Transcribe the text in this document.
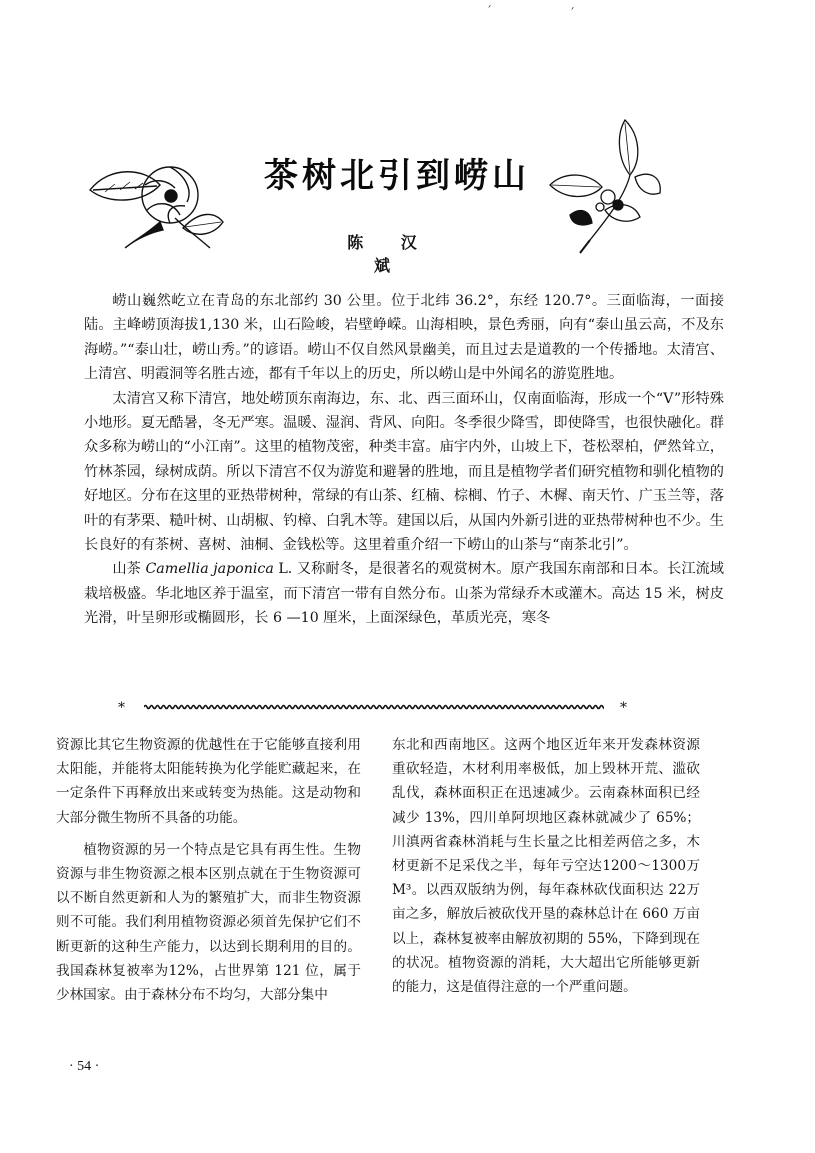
ˊ	ˊ
茶树北引到崂山
陈 汉 斌

崂山巍然屹立在青岛的东北部约 30 公里。位于北纬 36.2°，东经 120.7°。三面临海，一面接陆。主峰崂顶海拔1,130 米，山石险峻，岩壁峥嵘。山海相映，景色秀丽，向有“泰山虽云高，不及东海崂。”“泰山壮，崂山秀。”的谚语。崂山不仅自然风景幽美，而且过去是道教的一个传播地。太清宫、上清宫、明霞洞等名胜古迹，都有千年以上的历史，所以崂山是中外闻名的游览胜地。

太清宫又称下清宫，地处崂顶东南海边，东、北、西三面环山，仅南面临海，形成一个“V”形特殊小地形。夏无酷暑，冬无严寒。温暖、湿润、背风、向阳。冬季很少降雪，即使降雪，也很快融化。群众多称为崂山的“小江南”。这里的植物茂密，种类丰富。庙宇内外，山坡上下，苍松翠柏，俨然耸立，竹林茶园，绿树成荫。所以下清宫不仅为游览和避暑的胜地，而且是植物学者们研究植物和驯化植物的好地区。分布在这里的亚热带树种，常绿的有山茶、红楠、棕榈、竹子、木樨、南天竹、广玉兰等，落叶的有茅栗、糙叶树、山胡椒、钓樟、白乳木等。建国以后，从国内外新引进的亚热带树种也不少。生长良好的有茶树、喜树、油桐、金钱松等。这里着重介绍一下崂山的山茶与“南茶北引”。

山茶 Camellia japonica L. 又称耐冬，是很著名的观赏树木。原产我国东南部和日本。长江流域栽培极盛。华北地区养于温室，而下清宫一带有自然分布。山茶为常绿乔木或灌木。高达 15 米，树皮光滑，叶呈卵形或椭圆形，长 6 —10 厘米，上面深绿色，革质光亮，寒冬

*	*

资源比其它生物资源的优越性在于它能够直接利用太阳能，并能将太阳能转换为化学能贮藏起来，在一定条件下再释放出来或转变为热能。这是动物和大部分微生物所不具备的功能。

植物资源的另一个特点是它具有再生性。生物资源与非生物资源之根本区别点就在于生物资源可以不断自然更新和人为的繁殖扩大，而非生物资源则不可能。我们利用植物资源必须首先保护它们不断更新的这种生产能力，以达到长期利用的目的。我国森林复被率为12%，占世界第 121 位，属于少林国家。由于森林分布不均匀，大部分集中

东北和西南地区。这两个地区近年来开发森林资源重砍轻造，木材利用率极低，加上毁林开荒、滥砍乱伐，森林面积正在迅速减少。云南森林面积已经减少 13%，四川单阿坝地区森林就减少了 65%；川滇两省森林消耗与生长量之比相差两倍之多，木材更新不足采伐之半，每年亏空达1200～1300万 M³。以西双版纳为例，每年森林砍伐面积达 22万亩之多，解放后被砍伐开垦的森林总计在 660 万亩以上，森林复被率由解放初期的 55%，下降到现在的状况。植物资源的消耗，大大超出它所能够更新的能力，这是值得注意的一个严重问题。

· 54 ·
